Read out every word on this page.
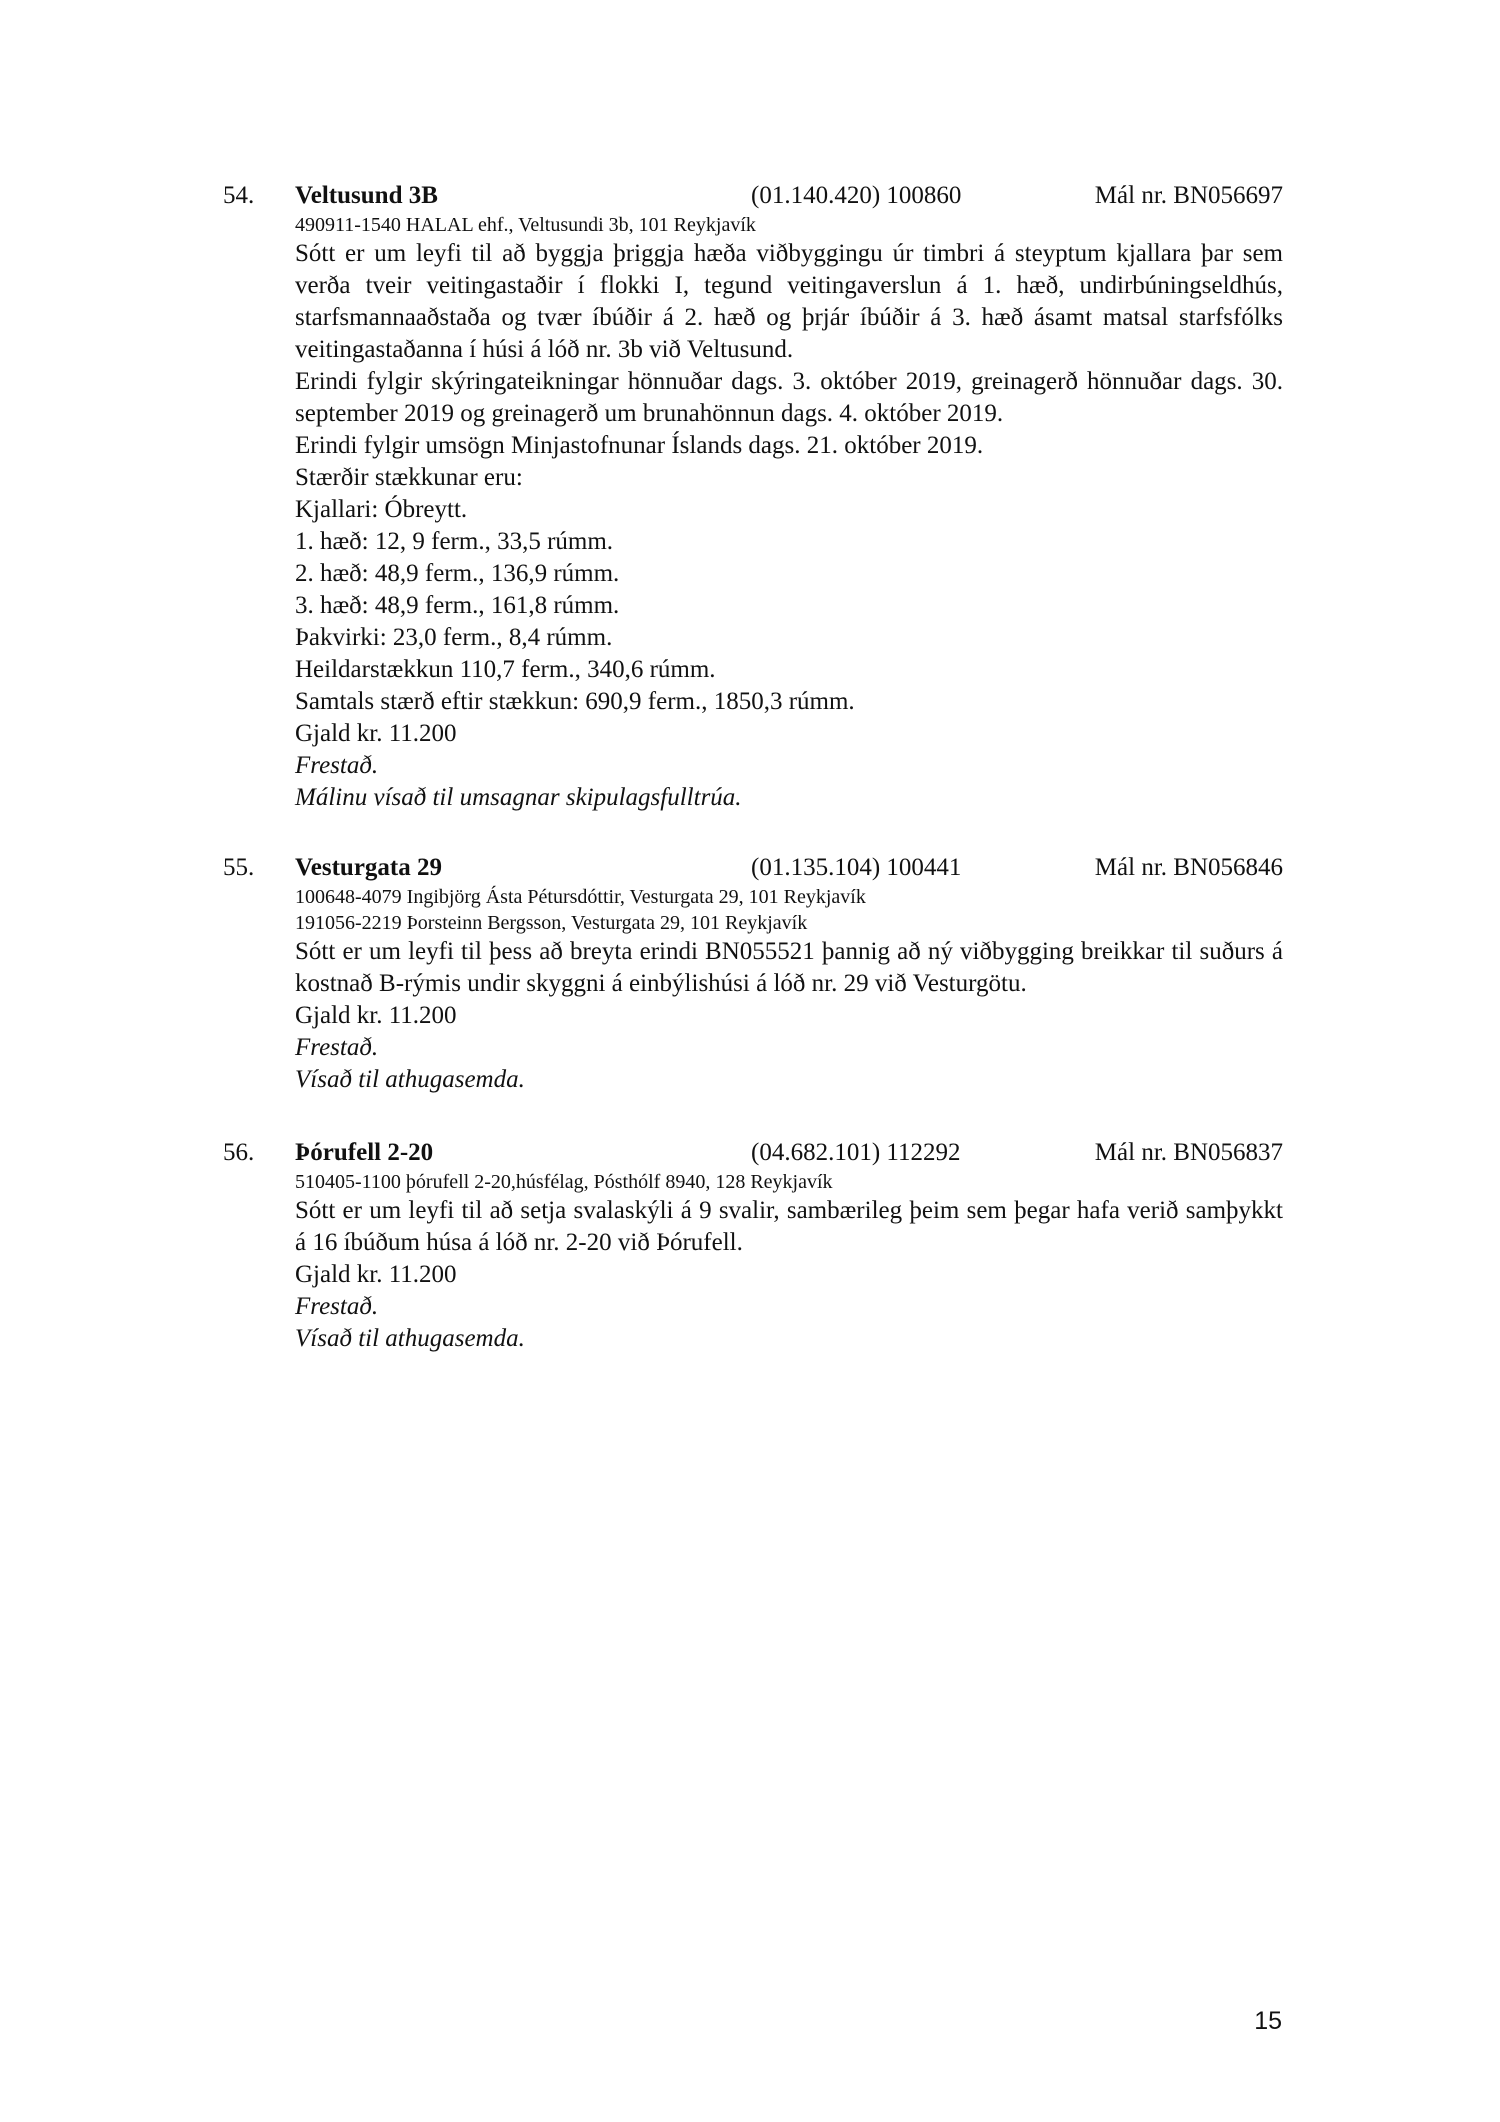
54. Veltusund 3B	(01.140.420) 100860	Mál nr. BN056697
490911-1540 HALAL ehf., Veltusundi 3b, 101 Reykjavík
Sótt er um leyfi til að byggja þriggja hæða viðbyggingu úr timbri á steyptum kjallara þar sem verða tveir veitingastaðir í flokki I, tegund veitingaverslun á 1. hæð, undirbúningseldhús, starfsmannaaðstaða og tvær íbúðir á 2. hæð og þrjár íbúðir á 3. hæð ásamt matsal starfsfólks veitingastaðanna í húsi á lóð nr. 3b við Veltusund.
Erindi fylgir skýringateikningar hönnuðar dags. 3. október 2019, greinagerð hönnuðar dags. 30. september 2019 og greinagerð um brunahönnun dags. 4. október 2019.
Erindi fylgir umsögn Minjastofnunar Íslands dags. 21. október 2019.
Stærðir stækkunar eru:
Kjallari: Óbreytt.
1. hæð: 12, 9 ferm., 33,5 rúmm.
2. hæð: 48,9 ferm., 136,9 rúmm.
3. hæð: 48,9 ferm., 161,8 rúmm.
Þakvirki: 23,0 ferm., 8,4 rúmm.
Heildarstækkun 110,7 ferm., 340,6 rúmm.
Samtals stærð eftir stækkun: 690,9 ferm., 1850,3 rúmm.
Gjald kr. 11.200
Frestað.
Málinu vísað til umsagnar skipulagsfulltrúa.
55. Vesturgata 29	(01.135.104) 100441	Mál nr. BN056846
100648-4079 Ingibjörg Ásta Pétursdóttir, Vesturgata 29, 101 Reykjavík
191056-2219 Þorsteinn Bergsson, Vesturgata 29, 101 Reykjavík
Sótt er um leyfi til þess að breyta erindi BN055521 þannig að ný viðbygging breikkar til suðurs á kostnað B-rýmis undir skyggni á einbýlishúsi á lóð nr. 29 við Vesturgötu.
Gjald kr. 11.200
Frestað.
Vísað til athugasemda.
56. Þórufell 2-20	(04.682.101) 112292	Mál nr. BN056837
510405-1100 þórufell 2-20,húsfélag, Pósthólf 8940, 128 Reykjavík
Sótt er um leyfi til að setja svalaskýli á 9 svalir, sambærileg þeim sem þegar hafa verið samþykkt á 16 íbúðum húsa á lóð nr. 2-20 við Þórufell.
Gjald kr. 11.200
Frestað.
Vísað til athugasemda.
15
